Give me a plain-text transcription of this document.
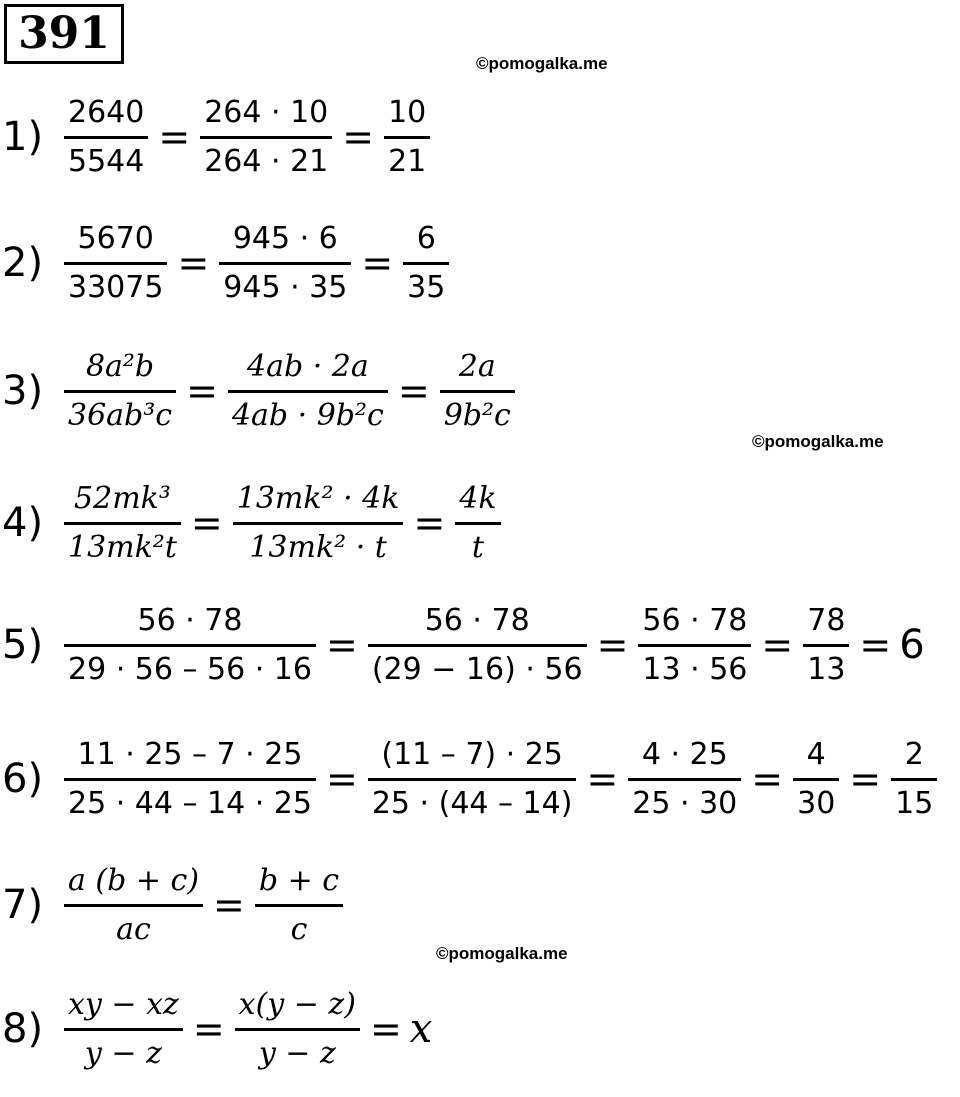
391
©pomogalka.me
©pomogalka.me
©pomogalka.me
$1) \frac{2640}{5544} = \frac{264 \cdot 10}{264 \cdot 21} = \frac{10}{21}$
$2) \frac{5670}{33075} = \frac{945 \cdot 6}{945 \cdot 35} = \frac{6}{35}$
$3) \frac{\text{8a²b}}{\text{36ab³c}} = \frac{4ab \cdot 2a}{\text{4ab · 9b²c}} = \frac{2a}{\text{9b²c}}$
$4) \frac{\text{52mk³}}{\text{13mk²t}} = \frac{\text{13mk² · 4k}}{\text{13mk² · t}} = \frac{4k}{t}$
$5) \frac{56 \cdot 78}{29 \cdot 56 - 56 \cdot 16} = \frac{56 \cdot 78}{(29 - 16) \cdot 56} = \frac{56 \cdot 78}{13 \cdot 56} = \frac{78}{13} = 6$
$6) \frac{11 \cdot 25 - 7 \cdot 25}{25 \cdot 44 - 14 \cdot 25} = \frac{(11 - 7) \cdot 25}{25 \cdot (44 - 14)} = \frac{4 \cdot 25}{25 \cdot 30} = \frac{4}{30} = \frac{2}{15}$
$7) \frac{a (b + c)}{ac} = \frac{b + c}{c}$
$8) \frac{xy - xz}{y - z} = \frac{x(y - z)}{y - z} = x$
